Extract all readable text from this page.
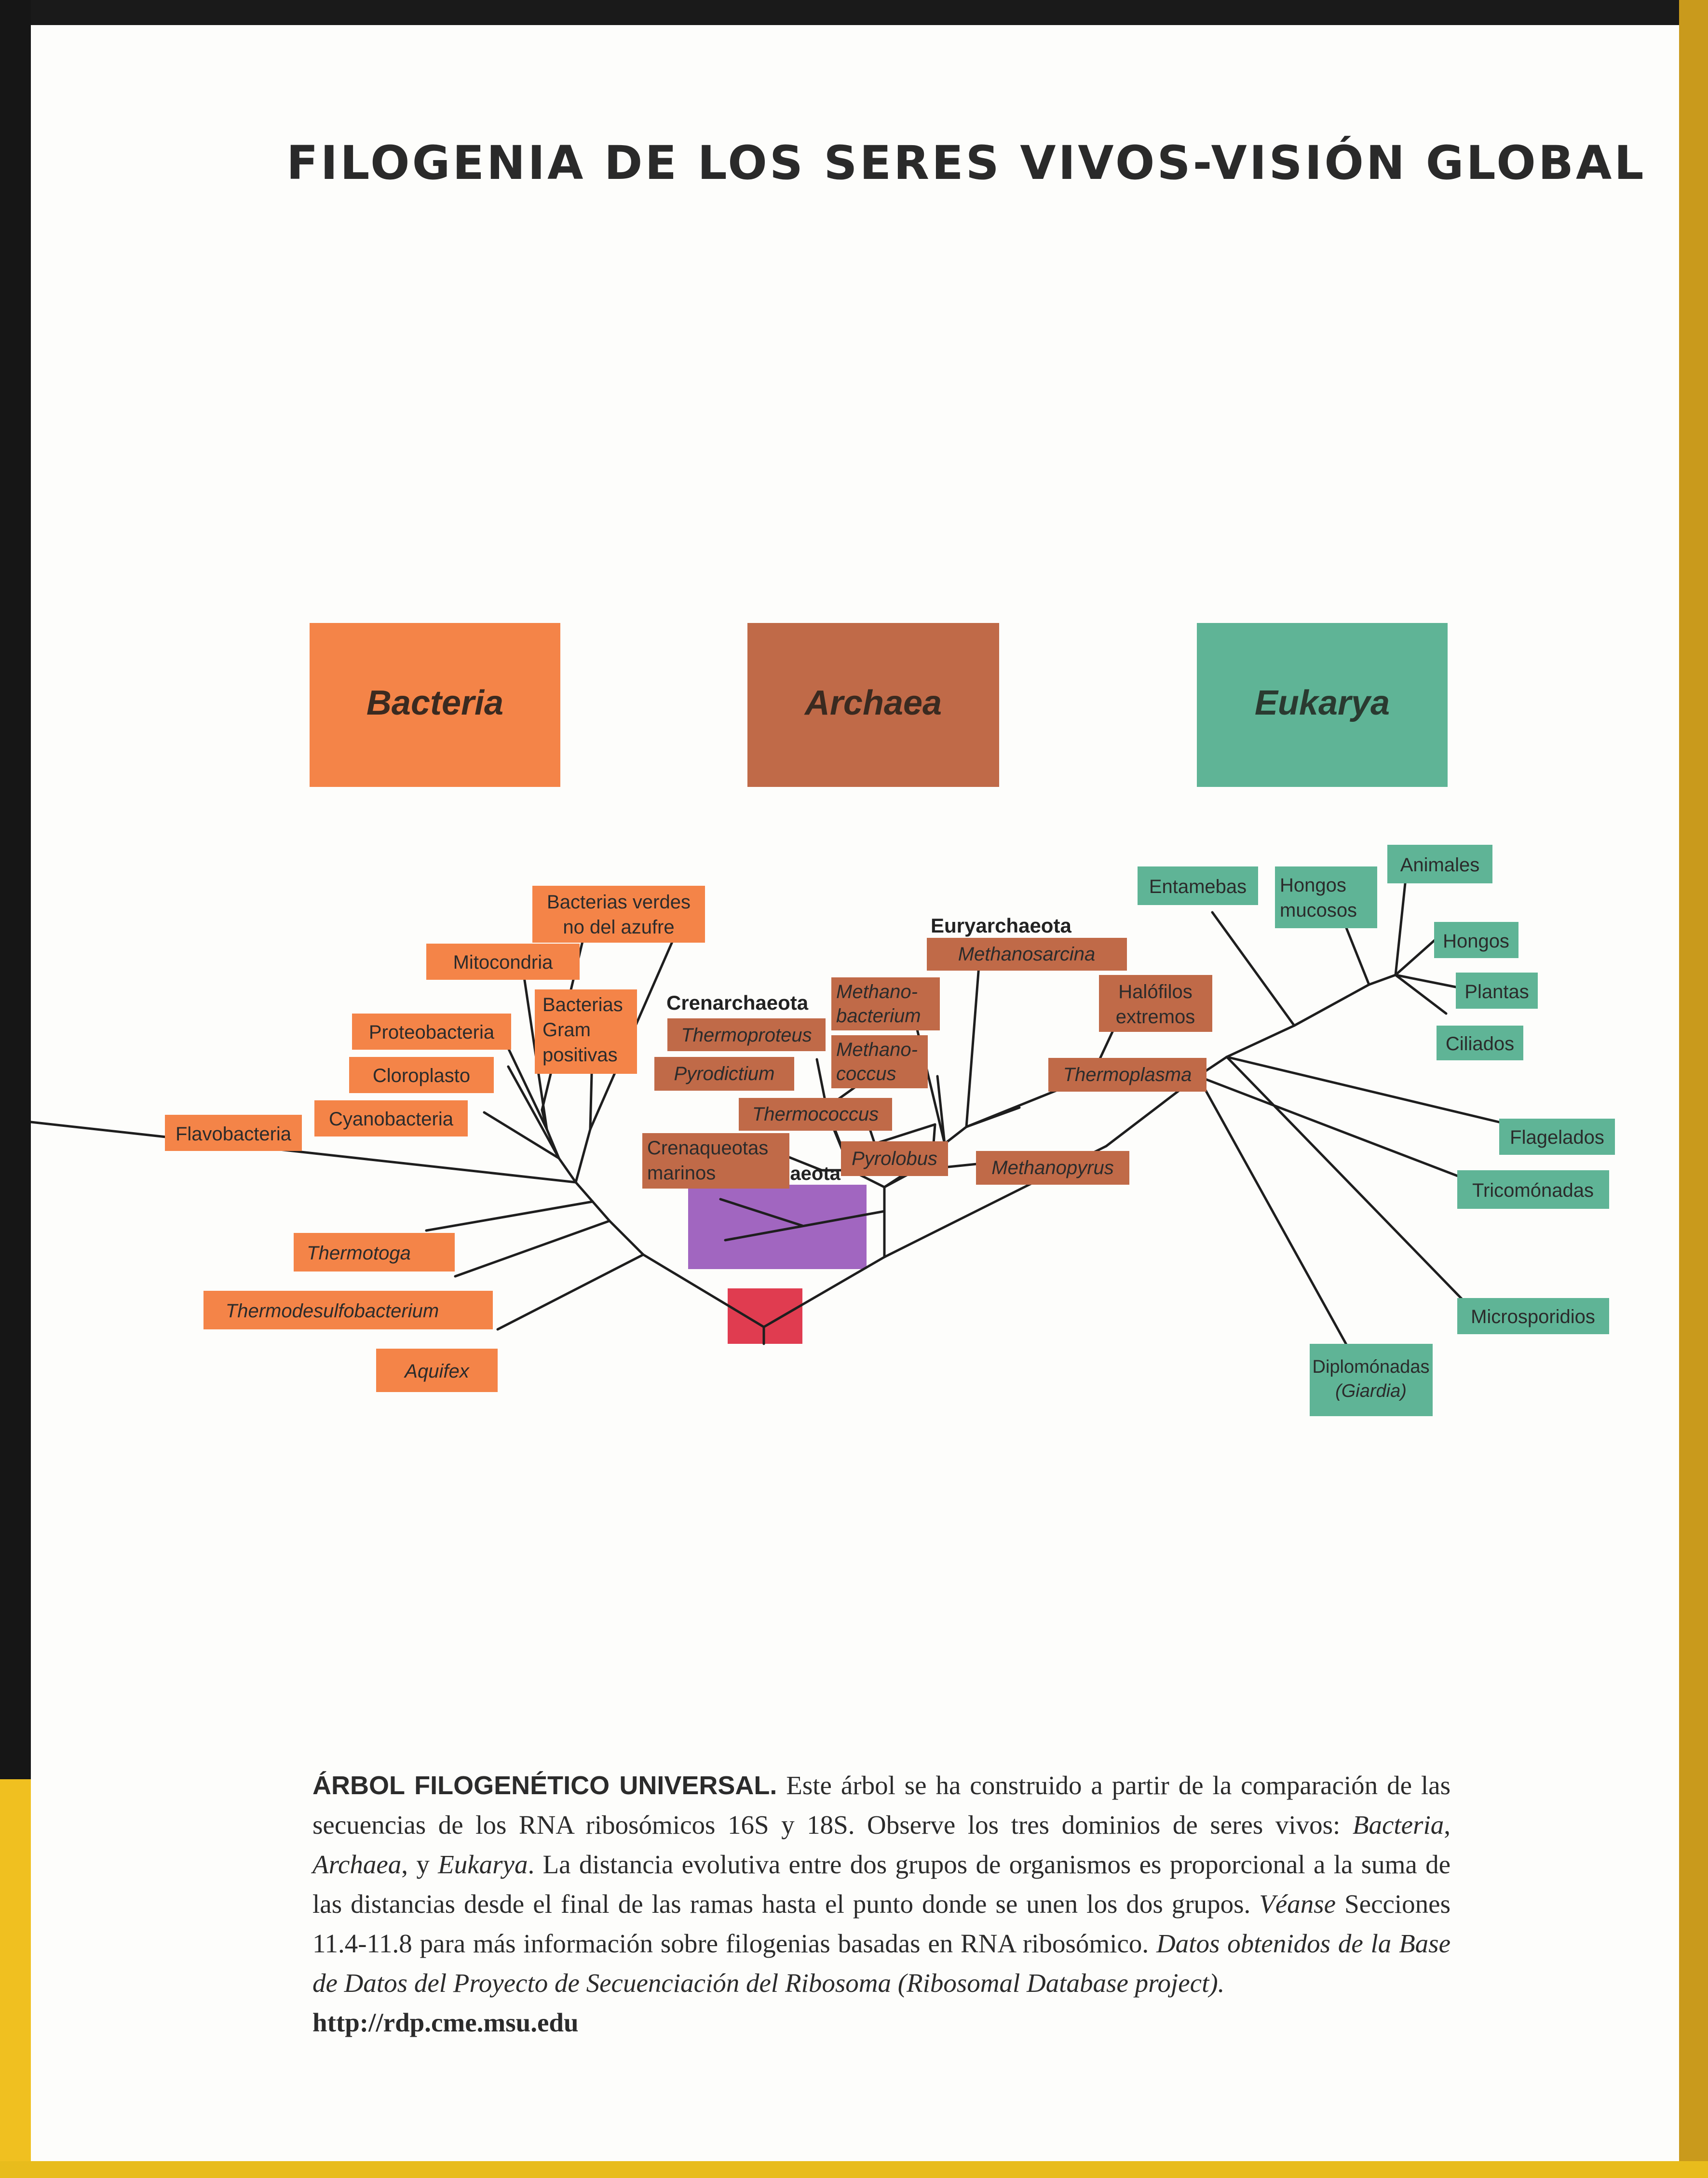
FILOGENIA DE LOS SERES VIVOS-VISIÓN GLOBAL
Bacteria	Archaea	Eukarya
Flavobacteria
Cyanobacteria
Cloroplasto
Proteobacteria
Mitocondria
Bacterias verdes
no del azufre
Bacterias
Gram
positivas
Thermotoga
Thermodesulfobacterium
Aquifex
Crenarchaeota
Euryarchaeota
Thermoproteus
Pyrodictium
Thermococcus
Crenaqueotas
marinos
Pyrolobus
Methano-
bacterium
Methano-
coccus
Methanosarcina
Halófilos
extremos
Thermoplasma
Methanopyrus
Entamebas Hongos
mucosos
Animales
Hongos
Plantas
Ciliados
Flagelados
Tricomónadas
Microsporidios
Diplomónadas
(Giardia)
ÁRBOL FILOGENÉTICO UNIVERSAL. Este árbol se ha construido a partir de la comparación de las secuencias de los RNA ribosómicos 16S y 18S. Observe los tres dominios de seres vivos: Bacteria, Archaea, y Eukarya. La distancia evolutiva entre dos grupos de organismos es proporcional a la suma de las distancias desde el final de las ramas hasta el punto donde se unen los dos grupos. Véanse Secciones 11.4-11.8 para más información sobre filogenias basadas en RNA ribosómico. Datos obtenidos de la Base de Datos del Proyecto de Secuenciación del Ribosoma (Ribosomal Database project).
http://rdp.cme.msu.edu
